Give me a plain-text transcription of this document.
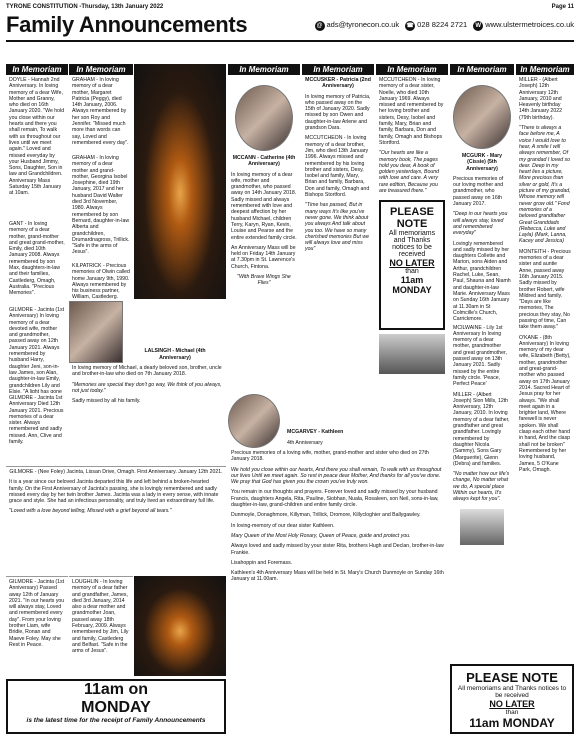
TYRONE CONSTITUTION -Thursday, 13th January 2022	Page 11
Family Announcements	@ ads@tyronecon.co.uk ☎ 028 8224 2721	W www.ulstermetroices.co.uk
In Memoriam
DOYLE - Hannah 2nd Anniversary. In loving memory of a dear Wife, Mother and Granny, who died on 16th January 2020. "We hold you close within our hearts and there you shall remain, To walk with us throughout our lives until we meet again." Loved and missed everyday by your Husband Jimmy, Sons, Daughter, Son in law and Grandchildren. Anniversary Mass Saturday 15th January at 10am.
GANT - In loving memory of a dear mother, grand-mother and great grand-mother, Emily, died 10th January 2008. Always remembered by son Max, daughters-in-law and their families, Castlederg, Omagh, Australia. "Precious Memories".
GILMORE - Jacinta (1st Anniversary) In loving memory of a dear devoted wife, mother and grandmother, passed away on 12th January 2021. Always remembered by husband Harry, daughter Jeni, son-in-law James, son Alan, daughter-in-law Emily, grandchildren Lily and Elsie. "A light has gone
GILMORE - Jacinta 1st Anniversary Died 12th January 2021. Precious memories of a dear sister. Always remembered and sadly missed. Ann, Clive and family.
In Memoriam
GRAHAM - In loving memory of a dear mother, Margaret Patricia (Peggy), died 14th January, 2006. Always remembered by her son Roy and Jennifer. "Missed much more than words can say, Loved and remembered every day".
GRAHAM - In loving memory of a dear mother and grand-mother, Georgina Isobel Josephine, died 19th January, 2017 and her husband David Walter died 3rd November, 1980. Always remembered by son Bernard, daughter-in-law Alberta and grandchildren, Drumardnagross, Trillick. "Safe in the arms of Jesus".
KILPATRICK - Precious memories of Olwin called home January 9th, 1990. Always remembered by his business partner, William, Castlederg.
LALSINGH - Michael (4th Anniversary)
In loving memory of Michael, a dearly beloved son, brother, uncle and brother-in-law who died on 7th January 2018.
"Memories are special they don't go way, We think of you always, not just today."
Sadly missed by all his family.
GILMORE - (Nee Foley) Jacinta, Lissan Drive, Omagh. First Anniversary. January 12th 2021.
It is a year since our beloved Jacinta departed this life and left behind a broken-hearted family. On the First Anniversary of Jacinta's passing, she is lovingly remembered and sadly missed every day by her twin brother James. Jacinta was a lady in every sense, with innate grace and style. She had an infectious personality, and truly lived an extraordinary full life.
"Loved with a love beyond telling, Missed with a grief beyond all tears."
GILMORE - Jacinta (1st Anniversary) Passed away 12th of January 2021. "In our hearts you will always stay, Loved and remembered every day". From your loving brother Liam, wife Bridie, Ronan and Maeve Foley. May she Rest in Peace.
LOUGHLIN - In loving memory of a dear father and grandfather, James, died 3rd January, 2014 also a dear mother and grandmother Joan, passed away 18th February, 2009. Always remembered by Jim, Lily and family, Castlederg and Belfast. "Safe in the arms of Jesus".
11am on
MONDAY
is the latest time for the receipt of Family Announcements
In Memoriam
MCCANN - Catherine (4th Anniversary)
In loving memory of a dear wife, mother and grandmother, who passed away on 14th January 2018. Sadly missed and always remembered with love and deepest affection by her husband Michael, children Terry, Karyn, Ryan, Kevin, Louise and Pearse and the entire extended family circle.
An Anniversary Mass will be held on Friday 14th January at 7.30pm in St. Lawrence's Church, Fintona.
"With Brave Wings She Flies"
In Memoriam
MCCUSKER - Patricia (2nd Anniversary)
In loving memory of Patricia, who passed away on the 15th of January 2020. Sadly missed by son Owen and daughter-in-law Arlene and grandson Dara.
MCCUTCHEON - In loving memory of a dear brother, Jim, who died 13th January 1996. Always missed and remembered by his loving brother and sisters, Desy, Isobel and family, Mary, Brian and family, Barbara, Don and family, Omagh and Bishops Stortford.
"Time has passed, But in many ways It's like you've never gone. We think about you always And talk about you too. We have so many cherished memories But we will always love and miss you"
In Memoriam
MCCUTCHEON - In loving memory of a dear sister, Noelle, who died 10th January 1969. Always missed and remembered by her loving brother and sisters, Desy, Isobel and family, Mary, Brian and family, Barbara, Don and family, Omagh and Bishops Stortford.
"Our hearts are like a memory book, The pages hold you dear, A book of golden yesterdays, Bound with love and care. A very rare edition, Because you are treasured there."
PLEASE
NOTE
All memoriams and Thanks notices to be received
NO LATER
than
11am MONDAY
In Memoriam
MCGURK - Mary (Cissie) (5th Anniversary)
Precious memories of our loving mother and grandmother, who passed away on 16th January 2017.
"Deep in our hearts you will always stay, loved and remembered everyday"
Lovingly remembered and sadly missed by her daughters Collette and Marion, sons Aiden and Arthur, grandchildren Rachel, Luke, Sean, Paul, Shauna and Niamh and daughter-in-law Marie. Anniversary Mass on Sunday 16th January at 11.30am in St Colmcille's Church, Carrickmore.
MCILWAINE - Lily 1st Anniversary In loving memory of a dear mother, grandmother and great grandmother, passed away on 13th January 2021. Sadly missed by the entire family circle. 'Peace, Perfect Peace'
MILLER - (Albert Joseph) Sion Mills, 12th Anniversary, 12th January, 2010. In loving memory of a dear father, grandfather and great grandfather. Lovingly remembered by daughter Nicola (Sammy), Sons Gary (Marguerite), Glenn (Debra) and families.
"No matter how our life's change, No matter what we do, A special place Within our hearts, It's always kept for you".
In Memoriam
MILLER - (Albert Joseph) 12th Anniversary 12th January, 2010 and Heavenly birthday 14th January 2022 (79th birthday).
"There is always a face before me, A voice I would love to hear, A smile I will always remember, Of my grandad I loved so dear. Deep in my heart lies a picture, More precious than silver or gold, It's a picture of my grandad, Whose memory will never grow old." Fond memories of a beloved grandfather Great Granddads (Rebecca, Luke and Layla) (Mark, Lanna, Kacey and Jessica)
MONTEITH - Precious memories of a dear sister and auntie Anne, passed away 16th January 2015. Sadly missed by brother Robert, wife Mildred and family. "Days are like memories, The precious they stay, No passing of time, Can take them away."
O'KANE - (8th Anniversary) In loving memory of my dear wife, Elizabeth (Betty), mother, grandmother and great-grand-mother who passed away on 17th January 2014. Sacred Heart of Jesus pray for her always. "We shall meet again in a brighter land, Where farewell is never spoken. We shall clasp each other hand in hand, And the clasp shall not be broken" Remembered by her loving husband, James, 5 O'Kane Park, Omagh.
MCGARVEY - Kathleen
4th Anniversary
Precious memories of a loving wife, mother, grand-mother and sister who died on 27th January 2018.
We hold you close within our hearts, And there you shall remain, To walk with us throughout our lives Until we meet again. So rest in peace dear Mother, And thanks for all you've done. We pray that God has given you the crown you've truly won.
You remain in our thoughts and prayers. Forever loved and sadly missed by your husband Francis, daughters Angela, Rita, Pauline, Siobhan, Nuala, Rosaleen, son Neil, sons-in-law, daughter-in-law, grand-children and entire family circle.
Dunmoyle, Donaghmore, Killyman, Trillick, Dromore, Killycloghier and Ballygawley.
In loving-memory of our dear sister Kathleen.
Mary Queen of the Most Holy Rosary, Queen of Peace, guide and protect you.
Always loved and sadly missed by your sister Rita, brothers Hugh and Declan, brother-in-law Frankie.
Lisahoppin and Foremass.
Kathleen's 4th Anniversary Mass will be held in St. Mary's Church Dunmoyle on Sunday 16th January at 11.00am.
PLEASE NOTE
All memoriams and Thanks notices to be received
NO LATER
than
11am MONDAY
